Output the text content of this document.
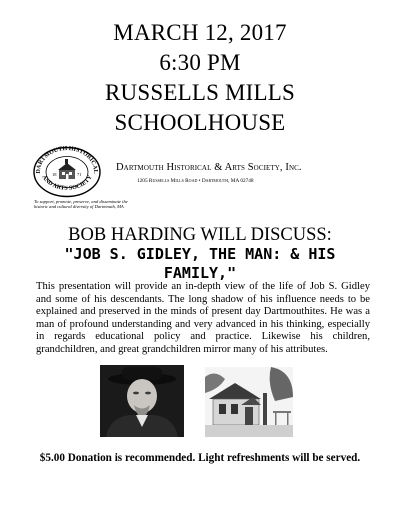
MARCH 12, 2017
6:30 PM
RUSSELLS MILLS
SCHOOLHOUSE
DARTMOUTH HISTORICAL
AND ARTS SOCIETY
18	71
To support, promote, preserve, and disseminate the historic and cultural diversity of Dartmouth, MA
Dartmouth Historical & Arts Society, Inc.
1205 Russells Mills Road • Dartmouth, MA 02748
BOB HARDING WILL DISCUSS:
"JOB S. GIDLEY, THE MAN: & HIS
FAMILY,"
This presentation will provide an in-depth view of the life of Job S. Gidley and some of his descendants. The long shadow of his influence needs to be explained and preserved in the minds of present day Dartmouthites. He was a man of profound understanding and very advanced in his thinking, especially in regards educational policy and practice. Likewise his children, grandchildren, and great grandchildren mirror many of his attributes.
$5.00 Donation is recommended. Light refreshments will be served.
